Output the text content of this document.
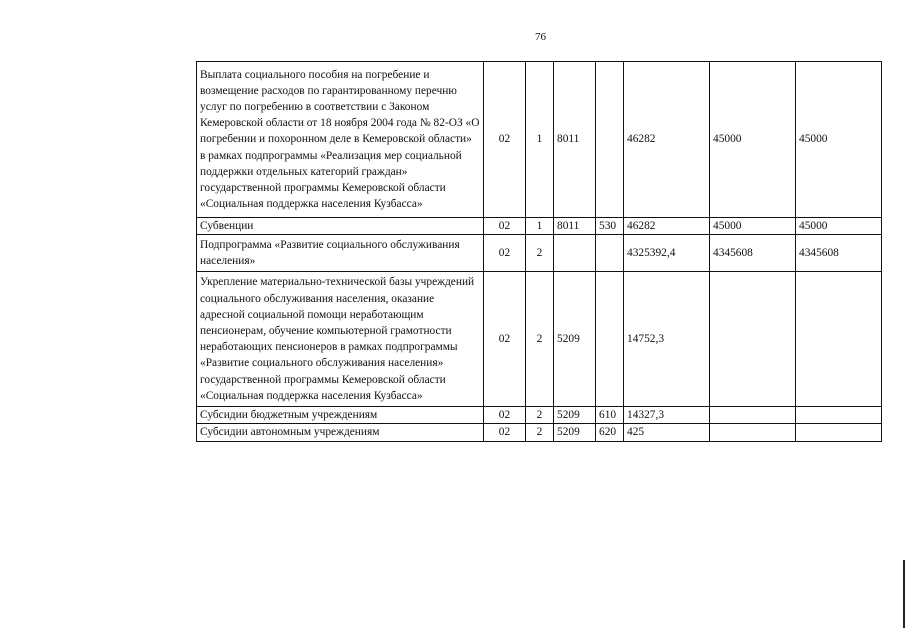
76
Выплата социального пособия на погребение и возмещение расходов по гарантированному перечню услуг по погребению в соответствии с Законом Кемеровской области от 18 ноября 2004 года № 82-ОЗ «О погребении и похоронном деле в Кемеровской области» в рамках подпрограммы «Реализация мер социальной поддержки отдельных категорий граждан» государственной программы Кемеровской области «Социальная поддержка населения Кузбасса»	02	1	8011		46282	45000	45000
Субвенции	02	1	8011	530	46282	45000	45000
Подпрограмма «Развитие социального обслуживания населения»	02	2			4325392,4	4345608	4345608
Укрепление материально-технической базы учреждений социального обслуживания населения, оказание адресной социальной помощи неработающим пенсионерам, обучение компьютерной грамотности неработающих пенсионеров в рамках подпрограммы «Развитие социального обслуживания населения» государственной программы Кемеровской области «Социальная поддержка населения Кузбасса»	02	2	5209		14752,3		
Субсидии бюджетным учреждениям	02	2	5209	610	14327,3		
Субсидии автономным учреждениям	02	2	5209	620	425		
